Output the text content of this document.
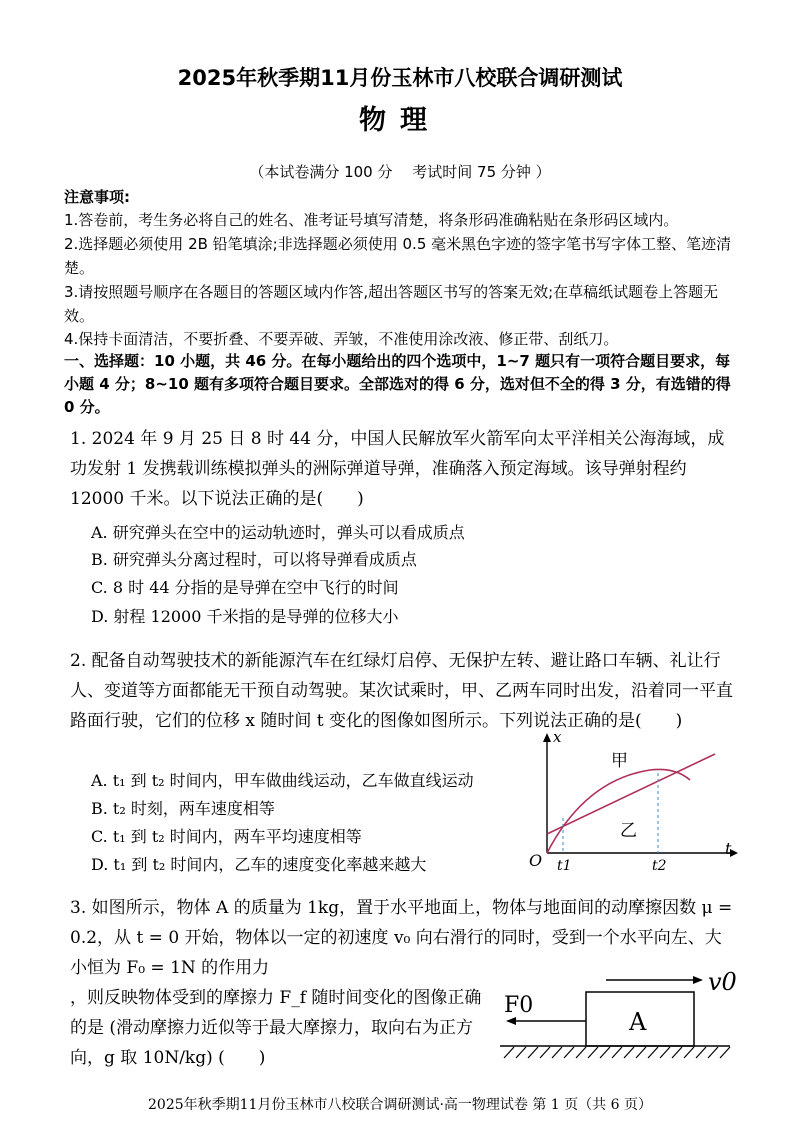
2025年秋季期11月份玉林市八校联合调研测试
物理
（本试卷满分 100 分　 考试时间 75 分钟 ）
注意事项:
1.答卷前，考生务必将自己的姓名、准考证号填写清楚，将条形码准确粘贴在条形码区域内。
2.选择题必须使用 2B 铅笔填涂;非选择题必须使用 0.5 毫米黑色字迹的签字笔书写字体工整、笔迹清楚。
3.请按照题号顺序在各题目的答题区域内作答,超出答题区书写的答案无效;在草稿纸试题卷上答题无效。
4.保持卡面清洁，不要折叠、不要弄破、弄皱，不准使用涂改液、修正带、刮纸刀。
一、选择题：10 小题，共 46 分。在每小题给出的四个选项中，1~7 题只有一项符合题目要求，每小题 4 分；8~10 题有多项符合题目要求。全部选对的得 6 分，选对但不全的得 3 分，有选错的得 0 分。
1. 2024 年 9 月 25 日 8 时 44 分，中国人民解放军火箭军向太平洋相关公海海域，成功发射 1 发携载训练模拟弹头的洲际弹道导弹，准确落入预定海域。该导弹射程约 12000 千米。以下说法正确的是(　　)
A. 研究弹头在空中的运动轨迹时，弹头可以看成质点
B. 研究弹头分离过程时，可以将导弹看成质点
C. 8 时 44 分指的是导弹在空中飞行的时间
D. 射程 12000 千米指的是导弹的位移大小
2. 配备自动驾驶技术的新能源汽车在红绿灯启停、无保护左转、避让路口车辆、礼让行人、变道等方面都能无干预自动驾驶。某次试乘时，甲、乙两车同时出发，沿着同一平直路面行驶，它们的位移 x 随时间 t 变化的图像如图所示。下列说法正确的是(　　)
A. t₁ 到 t₂ 时间内，甲车做曲线运动，乙车做直线运动
B. t₂ 时刻，两车速度相等
C. t₁ 到 t₂ 时间内，两车平均速度相等
D. t₁ 到 t₂ 时间内，乙车的速度变化率越来越大
x
t
O t1	t2
甲
乙
3. 如图所示，物体 A 的质量为 1kg，置于水平地面上，物体与地面间的动摩擦因数 μ = 0.2，从 t = 0 开始，物体以一定的初速度 v₀ 向右滑行的同时，受到一个水平向左、大小恒为 F₀ = 1N 的作用力
，则反映物体受到的摩擦力 F_f 随时间变化的图像正确的是 (滑动摩擦力近似等于最大摩擦力，取向右为正方向，g 取 10N/kg) (　　)
v0
F0
A
2025年秋季期11月份玉林市八校联合调研测试·高一物理试卷 第 1 页（共 6 页）
